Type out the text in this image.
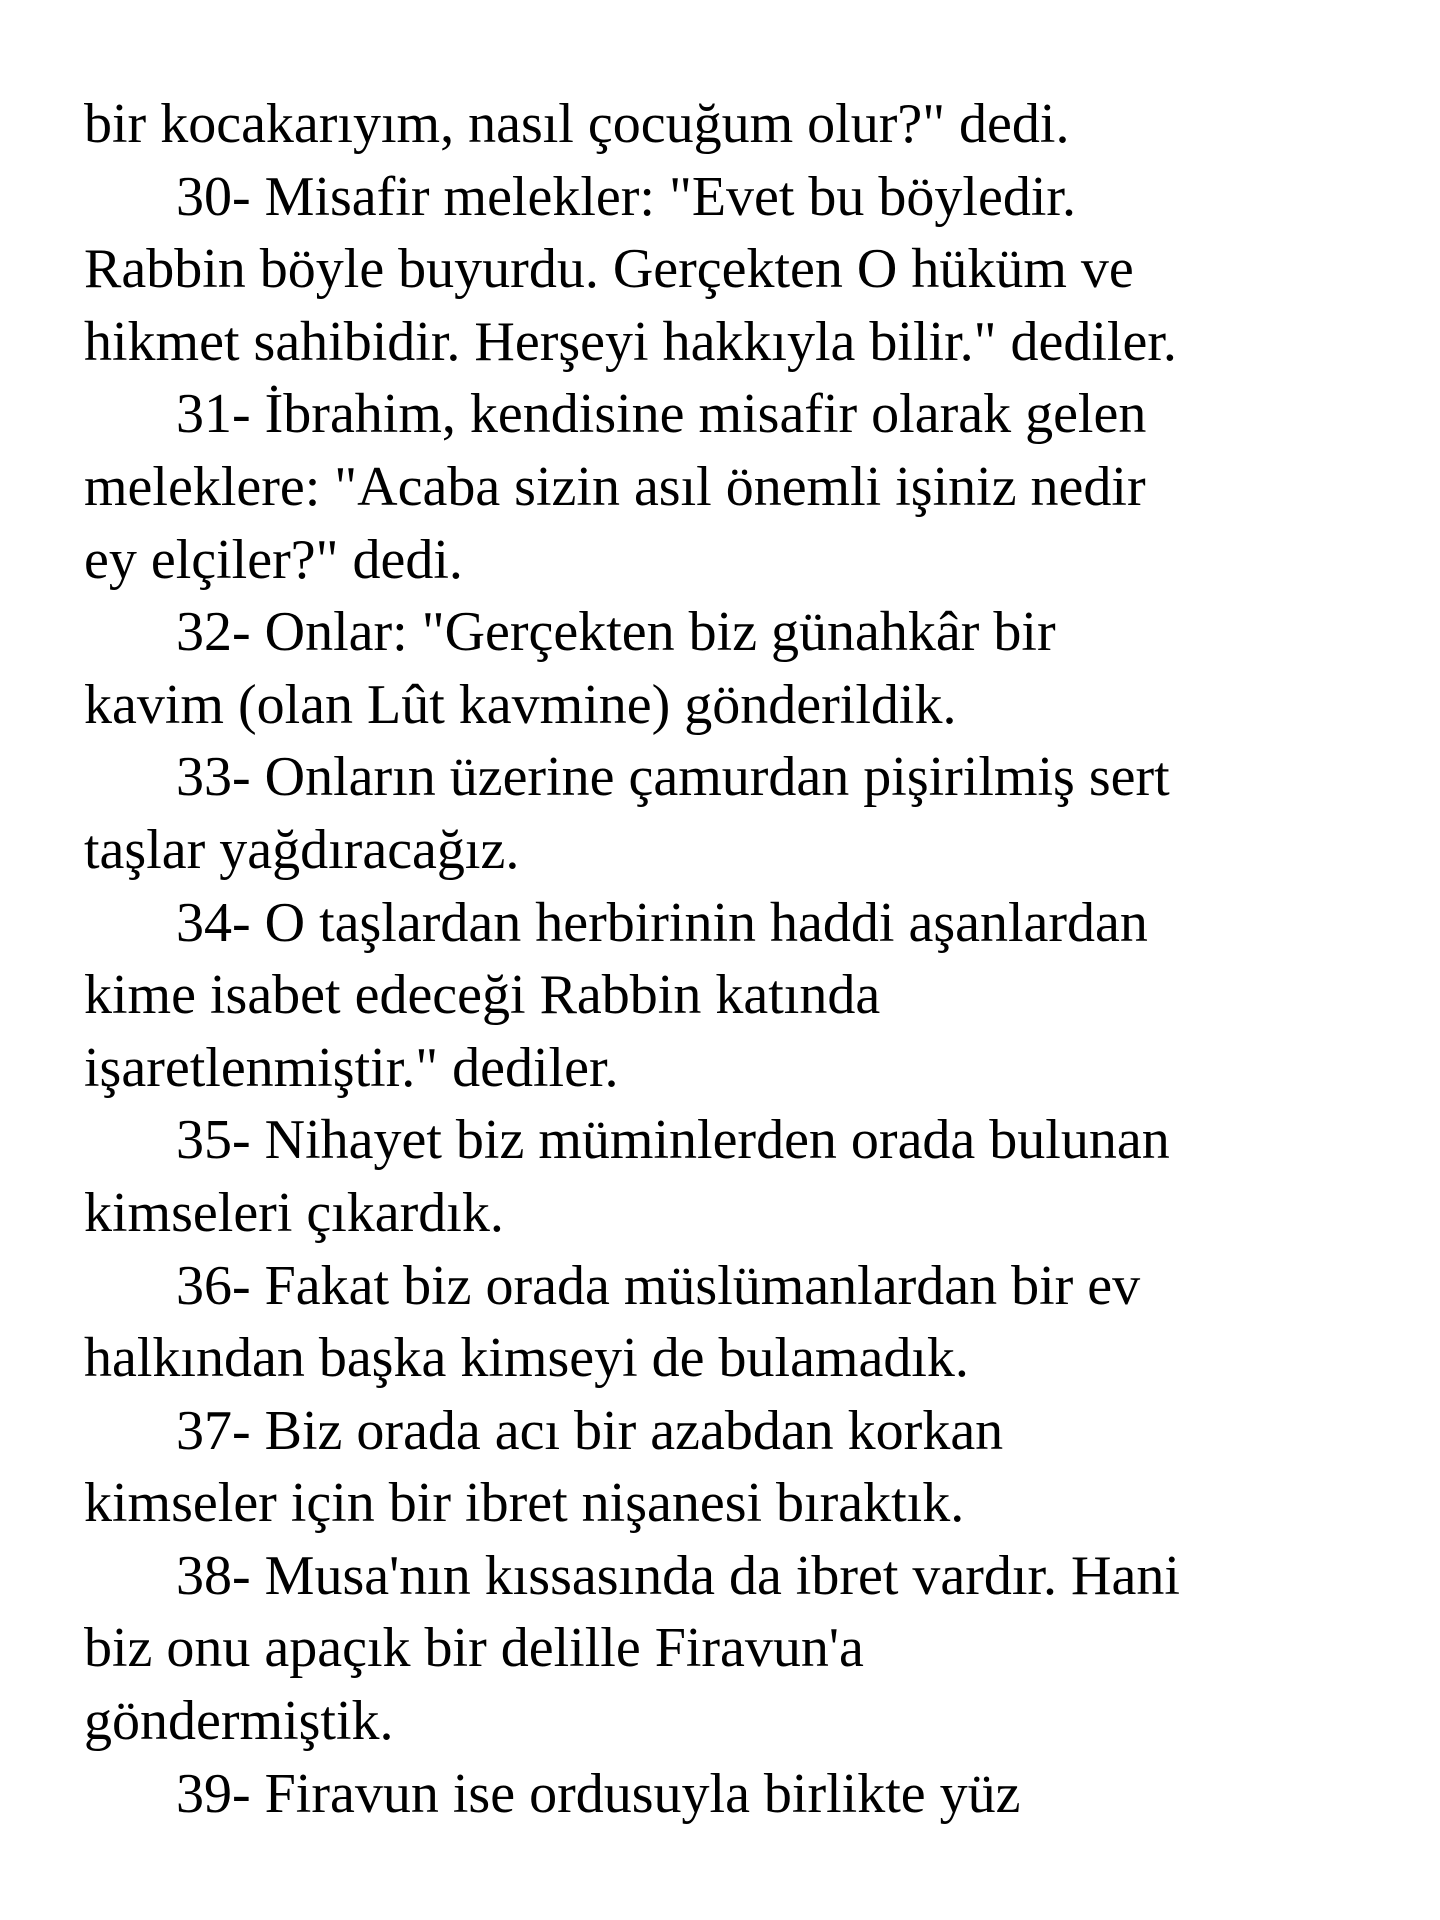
bir kocakarıyım, nasıl çocuğum olur?" dedi.
30- Misafir melekler: "Evet bu böyledir.
Rabbin böyle buyurdu. Gerçekten O hüküm ve
hikmet sahibidir. Herşeyi hakkıyla bilir." dediler.
31- İbrahim, kendisine misafir olarak gelen
meleklere: "Acaba sizin asıl önemli işiniz nedir
ey elçiler?" dedi.
32- Onlar: "Gerçekten biz günahkâr bir
kavim (olan Lût kavmine) gönderildik.
33- Onların üzerine çamurdan pişirilmiş sert
taşlar yağdıracağız.
34- O taşlardan herbirinin haddi aşanlardan
kime isabet edeceği Rabbin katında
işaretlenmiştir." dediler.
35- Nihayet biz müminlerden orada bulunan
kimseleri çıkardık.
36- Fakat biz orada müslümanlardan bir ev
halkından başka kimseyi de bulamadık.
37- Biz orada acı bir azabdan korkan
kimseler için bir ibret nişanesi bıraktık.
38- Musa'nın kıssasında da ibret vardır. Hani
biz onu apaçık bir delille Firavun'a
göndermiştik.
39- Firavun ise ordusuyla birlikte yüz
